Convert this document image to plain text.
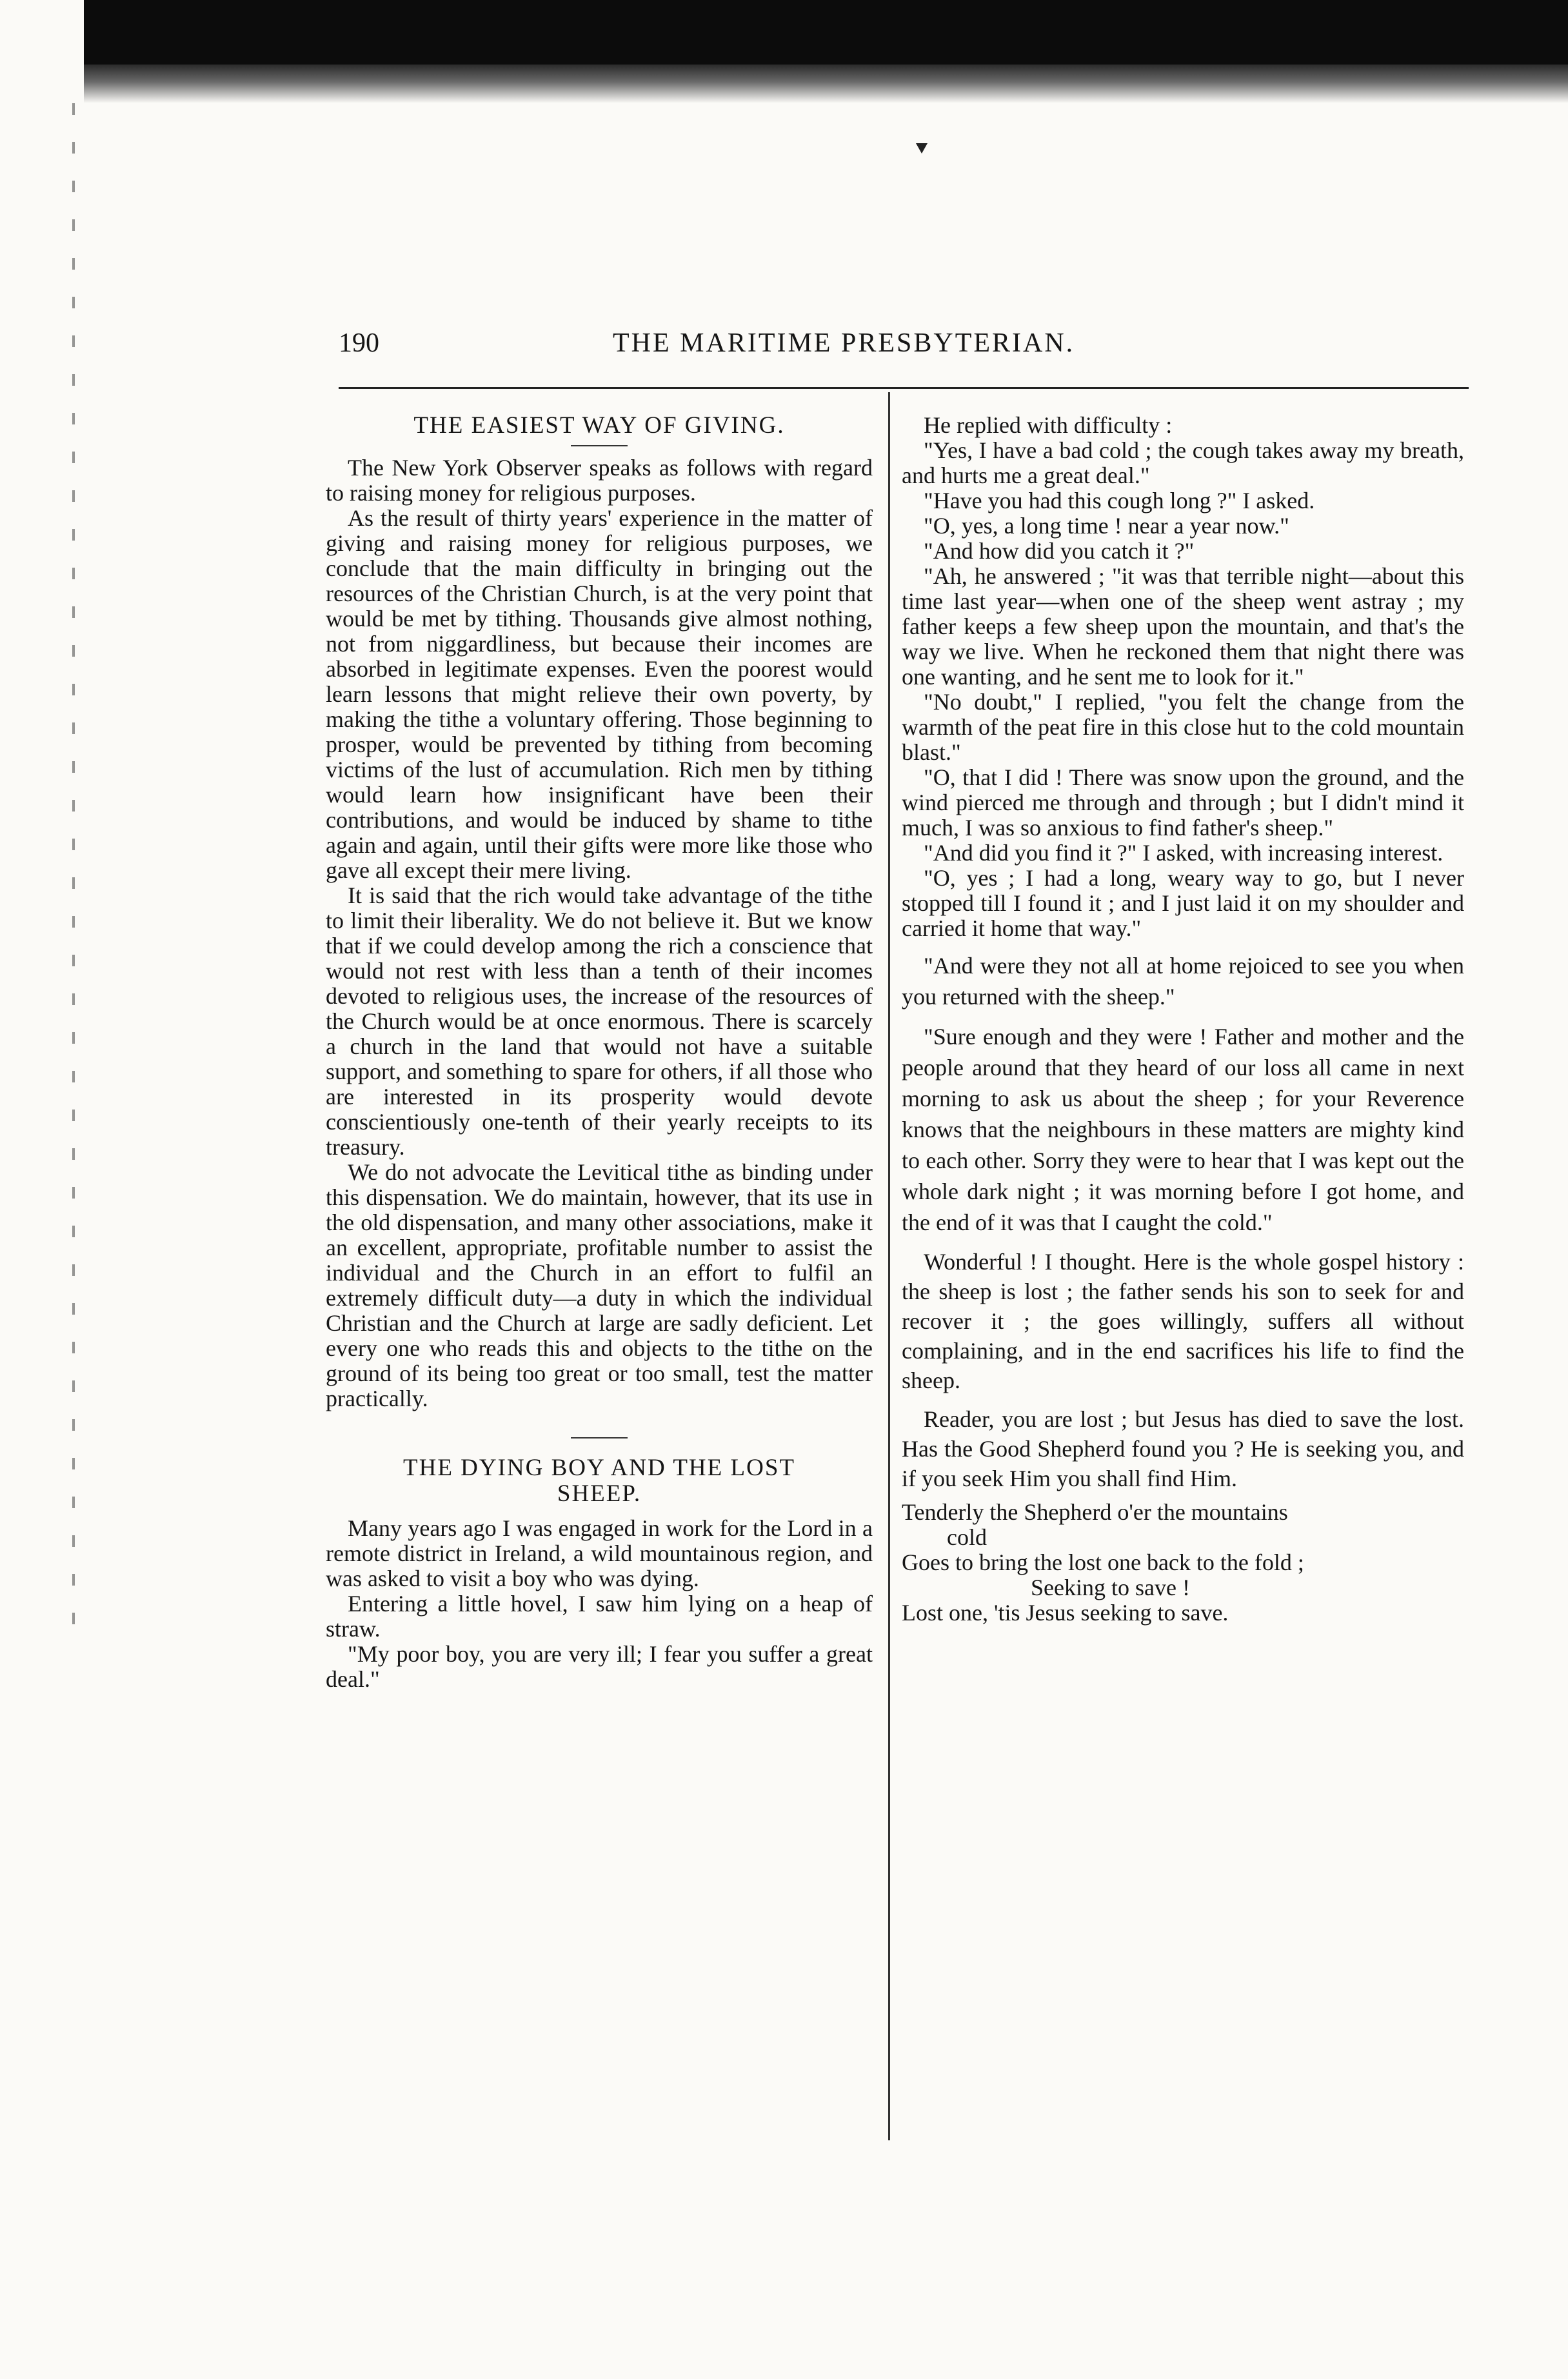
190	THE MARITIME PRESBYTERIAN.
THE EASIEST WAY OF GIVING.

The New York Observer speaks as follows with regard to raising money for religious purposes.

As the result of thirty years' experience in the matter of giving and raising money for religious purposes, we conclude that the main difficulty in bringing out the resources of the Christian Church, is at the very point that would be met by tithing. Thousands give almost nothing, not from niggardliness, but because their incomes are absorbed in legitimate expenses. Even the poorest would learn lessons that might relieve their own poverty, by making the tithe a voluntary offering. Those beginning to prosper, would be prevented by tithing from becoming victims of the lust of accumulation. Rich men by tithing would learn how insignificant have been their contributions, and would be induced by shame to tithe again and again, until their gifts were more like those who gave all except their mere living.

It is said that the rich would take advantage of the tithe to limit their liberality. We do not believe it. But we know that if we could develop among the rich a conscience that would not rest with less than a tenth of their incomes devoted to religious uses, the increase of the resources of the Church would be at once enormous. There is scarcely a church in the land that would not have a suitable support, and something to spare for others, if all those who are interested in its prosperity would devote conscientiously one-tenth of their yearly receipts to its treasury.

We do not advocate the Levitical tithe as binding under this dispensation. We do maintain, however, that its use in the old dispensation, and many other associations, make it an excellent, appropriate, profitable number to assist the individual and the Church in an effort to fulfil an extremely difficult duty—a duty in which the individual Christian and the Church at large are sadly deficient. Let every one who reads this and objects to the tithe on the ground of its being too great or too small, test the matter practically.

THE DYING BOY AND THE LOST
SHEEP.

Many years ago I was engaged in work for the Lord in a remote district in Ireland, a wild mountainous region, and was asked to visit a boy who was dying.

Entering a little hovel, I saw him lying on a heap of straw.

"My poor boy, you are very ill; I fear you suffer a great deal."

He replied with difficulty :

"Yes, I have a bad cold ; the cough takes away my breath, and hurts me a great deal."

"Have you had this cough long ?" I asked.

"O, yes, a long time ! near a year now."

"And how did you catch it ?"

"Ah, he answered ; "it was that terrible night—about this time last year—when one of the sheep went astray ; my father keeps a few sheep upon the mountain, and that's the way we live. When he reckoned them that night there was one wanting, and he sent me to look for it."

"No doubt," I replied, "you felt the change from the warmth of the peat fire in this close hut to the cold mountain blast."

"O, that I did ! There was snow upon the ground, and the wind pierced me through and through ; but I didn't mind it much, I was so anxious to find father's sheep."

"And did you find it ?" I asked, with increasing interest.

"O, yes ; I had a long, weary way to go, but I never stopped till I found it ; and I just laid it on my shoulder and carried it home that way."

"And were they not all at home rejoiced to see you when you returned with the sheep."

"Sure enough and they were ! Father and mother and the people around that they heard of our loss all came in next morning to ask us about the sheep ; for your Reverence knows that the neighbours in these matters are mighty kind to each other. Sorry they were to hear that I was kept out the whole dark night ; it was morning before I got home, and the end of it was that I caught the cold."

Wonderful ! I thought. Here is the whole gospel history : the sheep is lost ; the father sends his son to seek for and recover it ; the goes willingly, suffers all without complaining, and in the end sacrifices his life to find the sheep.

Reader, you are lost ; but Jesus has died to save the lost. Has the Good Shepherd found you ? He is seeking you, and if you seek Him you shall find Him.

Tenderly the Shepherd o'er the mountains
cold
Goes to bring the lost one back to the fold ;
Seeking to save !
Lost one, 'tis Jesus seeking to save.
